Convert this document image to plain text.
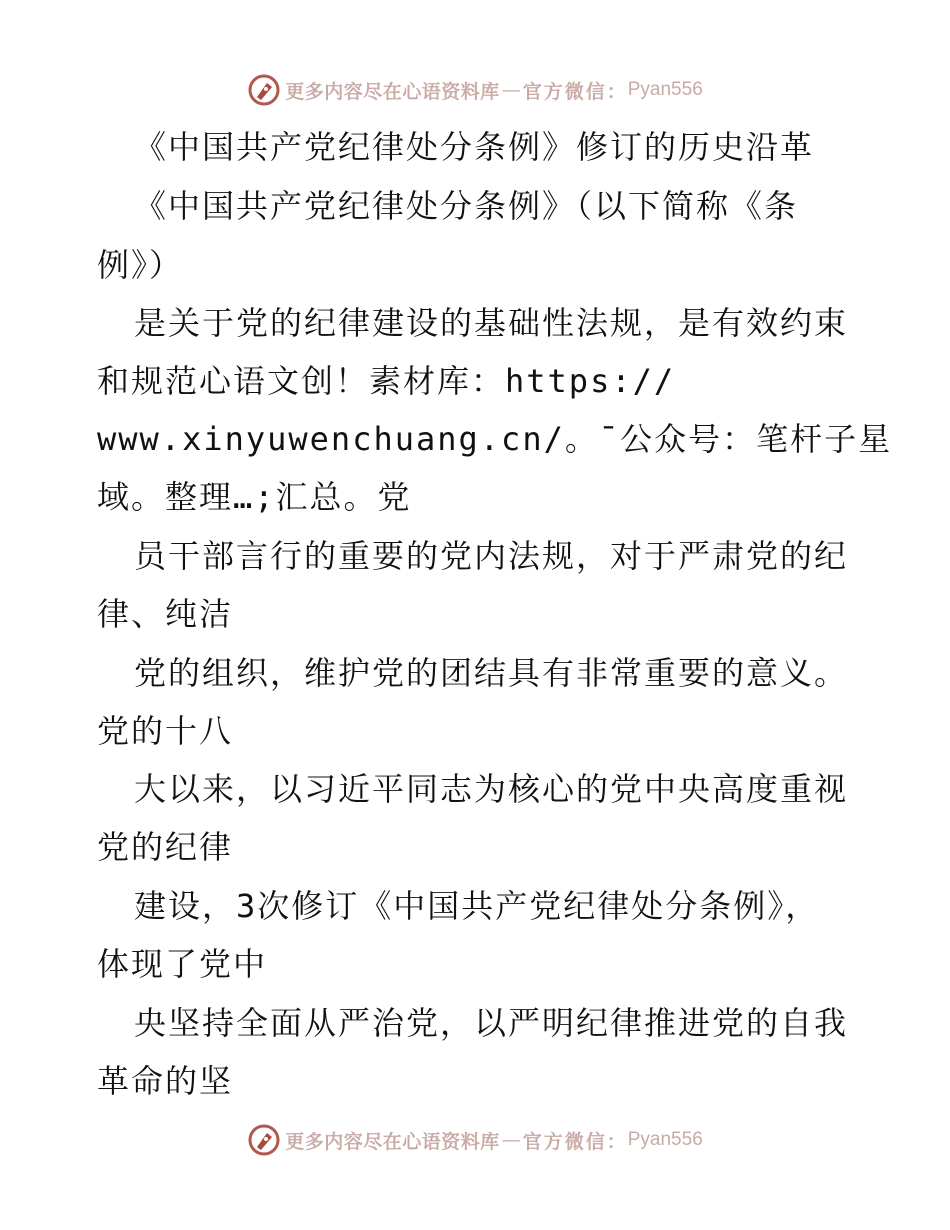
更多内容尽在心语资料库 — 官方微信： Pyan556
《中国共产党纪律处分条例》修订的历史沿革
《中国共产党纪律处分条例》（以下简称《条
例》）
是关于党的纪律建设的基础性法规，是有效约束
和规范心语文创！素材库：https://
www.xinyuwenchuang.cn/。¯公众号：笔杆子星
域。整理…;汇总。党
员干部言行的重要的党内法规，对于严肃党的纪
律、纯洁
党的组织，维护党的团结具有非常重要的意义。
党的十八
大以来，以习近平同志为核心的党中央高度重视
党的纪律
建设，3次修订《中国共产党纪律处分条例》，
体现了党中
央坚持全面从严治党，以严明纪律推进党的自我
革命的坚
更多内容尽在心语资料库 — 官方微信： Pyan556
